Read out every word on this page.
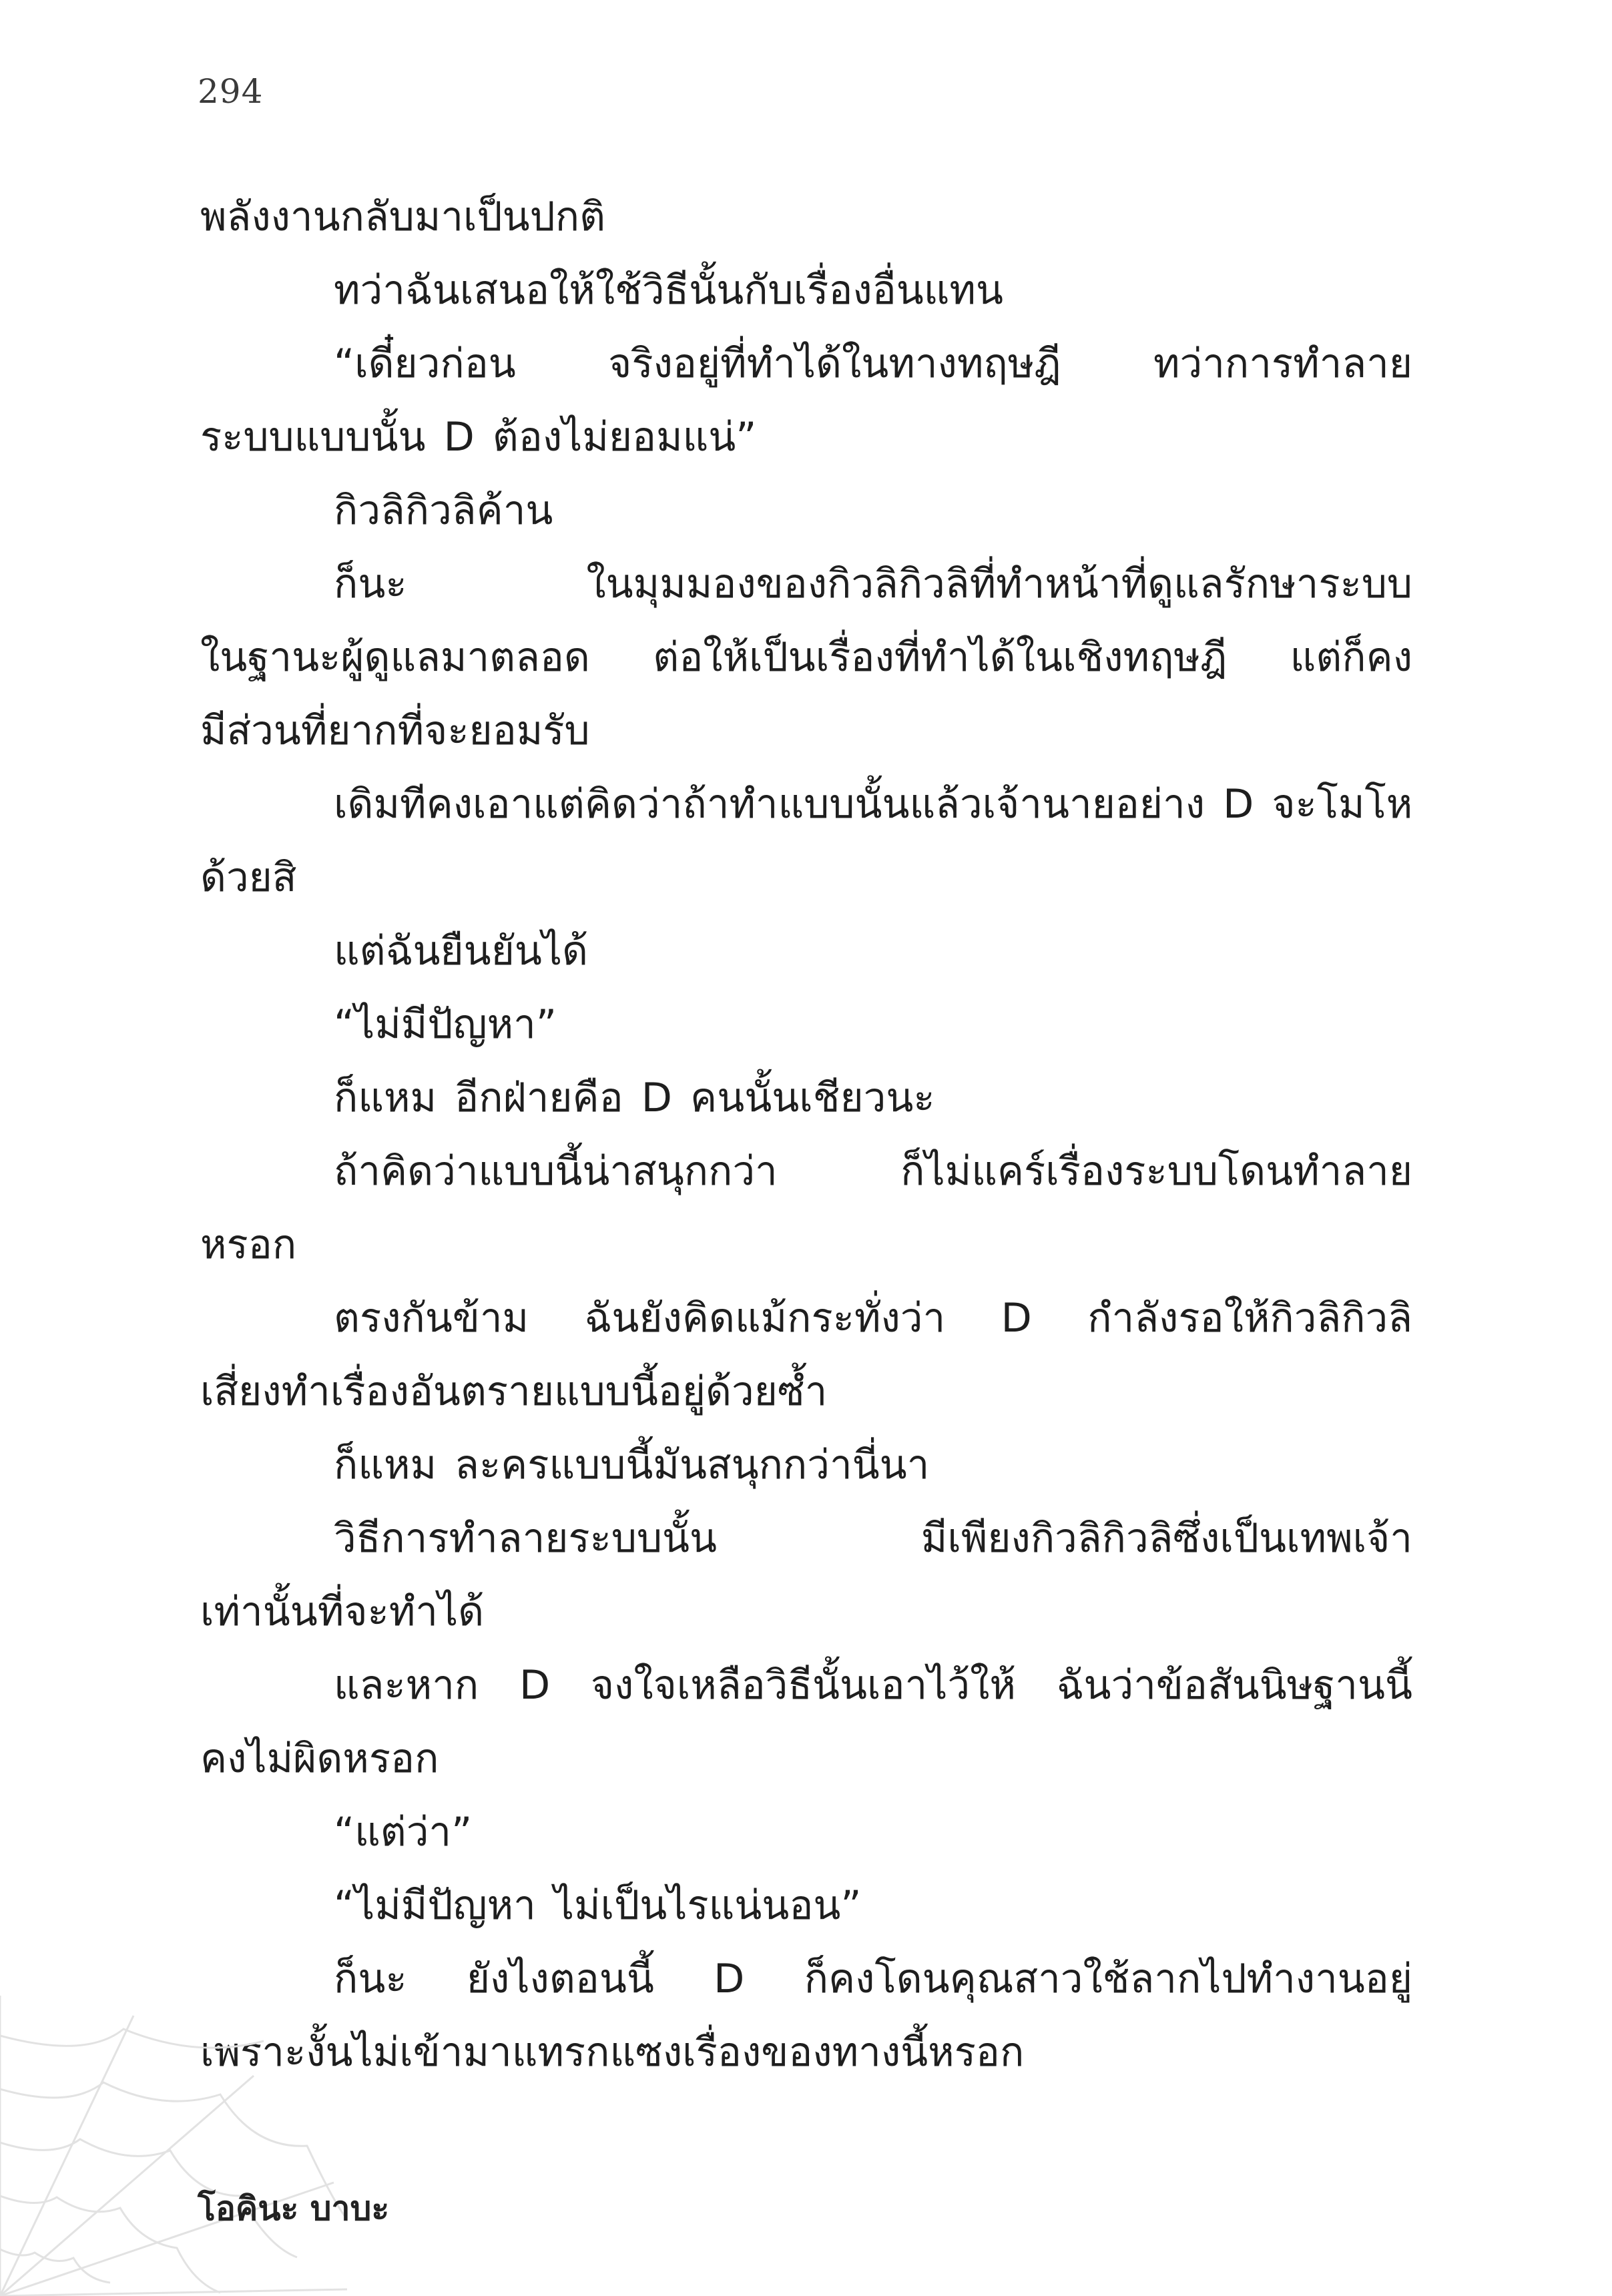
294
พลังงานกลับมาเป็นปกติ
ทว่าฉันเสนอให้ใช้วิธีนั้นกับเรื่องอื่นแทน
“เดี๋ยวก่อน จริงอยู่ที่ทำได้ในทางทฤษฎี ทว่าการทำลาย
ระบบแบบนั้น D ต้องไม่ยอมแน่”
กิวลิกิวลิค้าน
ก็นะ ในมุมมองของกิวลิกิวลิที่ทำหน้าที่ดูแลรักษาระบบ
ในฐานะผู้ดูแลมาตลอด ต่อให้เป็นเรื่องที่ทำได้ในเชิงทฤษฎี แต่ก็คง
มีส่วนที่ยากที่จะยอมรับ
เดิมทีคงเอาแต่คิดว่าถ้าทำแบบนั้นแล้วเจ้านายอย่าง D จะโมโห
ด้วยสิ
แต่ฉันยืนยันได้
“ไม่มีปัญหา”
ก็แหม อีกฝ่ายคือ D คนนั้นเชียวนะ
ถ้าคิดว่าแบบนี้น่าสนุกกว่า ก็ไม่แคร์เรื่องระบบโดนทำลาย
หรอก
ตรงกันข้าม ฉันยังคิดแม้กระทั่งว่า D กำลังรอให้กิวลิกิวลิ
เสี่ยงทำเรื่องอันตรายแบบนี้อยู่ด้วยซ้ำ
ก็แหม ละครแบบนี้มันสนุกกว่านี่นา
วิธีการทำลายระบบนั้น มีเพียงกิวลิกิวลิซึ่งเป็นเทพเจ้า
เท่านั้นที่จะทำได้
และหาก D จงใจเหลือวิธีนั้นเอาไว้ให้ ฉันว่าข้อสันนิษฐานนี้
คงไม่ผิดหรอก
“แต่ว่า”
“ไม่มีปัญหา ไม่เป็นไรแน่นอน”
ก็นะ ยังไงตอนนี้ D ก็คงโดนคุณสาวใช้ลากไปทำงานอยู่
เพราะงั้นไม่เข้ามาแทรกแซงเรื่องของทางนี้หรอก
โอคินะ บาบะ
